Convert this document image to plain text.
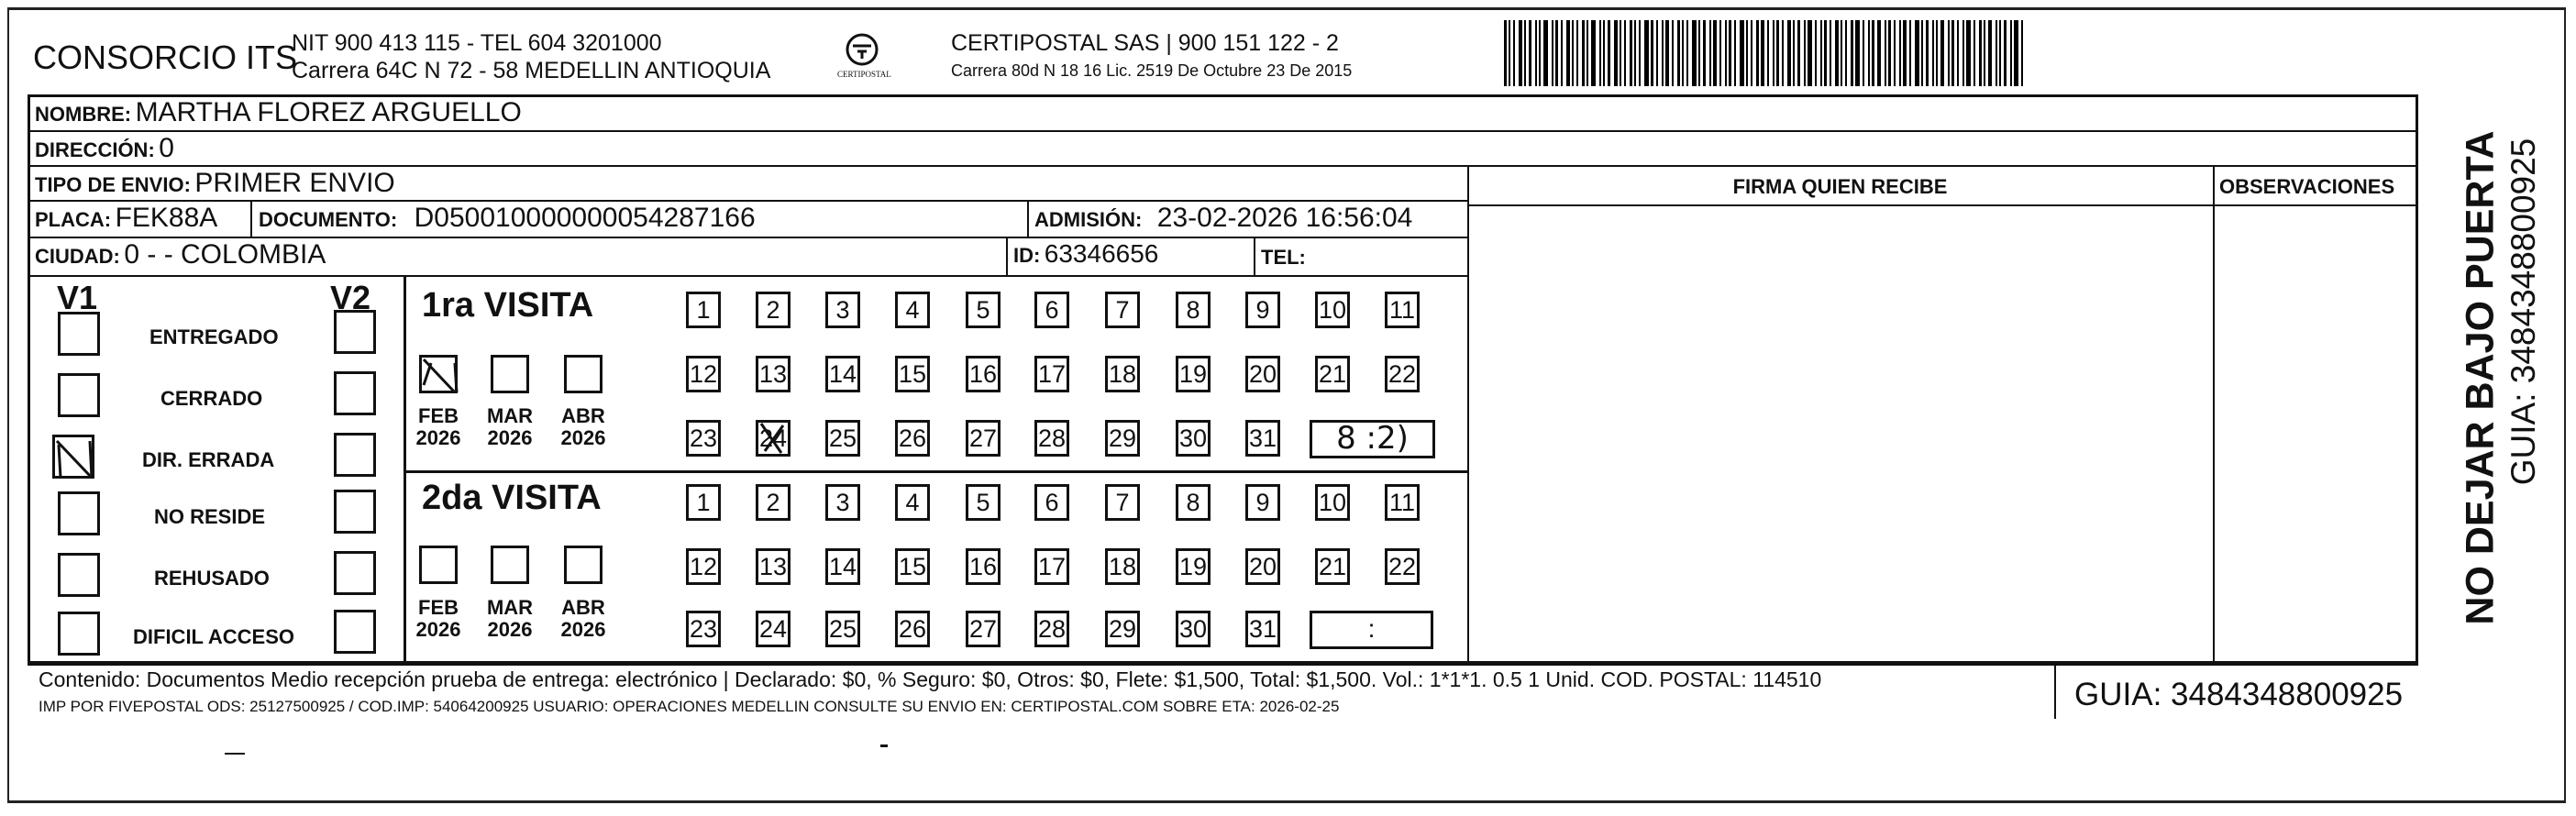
CONSORCIO ITS
NIT 900 413 115 - TEL 604 3201000
Carrera 64C N 72 - 58 MEDELLIN ANTIOQUIA	CERTIPOSTAL
CERTIPOSTAL SAS | 900 151 122 - 2
Carrera 80d N 18 16 Lic. 2519 De Octubre 23 De 2015
NOMBRE: MARTHA FLOREZ ARGUELLO
DIRECCIÓN: 0
TIPO DE ENVIO: PRIMER ENVIO
PLACA: FEK88A DOCUMENTO: D050010000000054287166	ADMISIÓN: 23-02-2026 16:56:04
CIUDAD: 0 - - COLOMBIA	ID: 63346656	TEL:
FIRMA QUIEN RECIBE	OBSERVACIONES NO DEJAR BAJO PUERTA GUIA: 3484348800925
V1	V2
ENTREGADO
CERRADO
DIR. ERRADA
NO RESIDE
REHUSADO
DIFICIL ACCESO
1ra VISITA
FEB
2026
MAR
2026
ABR
2026
1	2	3	4	5	6	7	8	9	10 11
12 13 14 15 16 17 18 19 20 21 22
23 24 25 26 27 28 29 30 31	8 :2)
2da VISITA
FEB
2026
MAR
2026
ABR
2026
1	2	3	4	5	6	7	8	9	10 11
12 13 14 15 16 17 18 19 20 21 22
23 24 25 26 27 28 29 30 31	:
Contenido: Documentos Medio recepción prueba de entrega: electrónico | Declarado: $0, % Seguro: $0, Otros: $0, Flete: $1,500, Total: $1,500. Vol.: 1*1*1. 0.5 1 Unid. COD. POSTAL: 114510
IMP POR FIVEPOSTAL ODS: 25127500925 / COD.IMP: 54064200925 USUARIO: OPERACIONES MEDELLIN CONSULTE SU ENVIO EN: CERTIPOSTAL.COM SOBRE ETA: 2026-02-25	GUIA: 3484348800925
